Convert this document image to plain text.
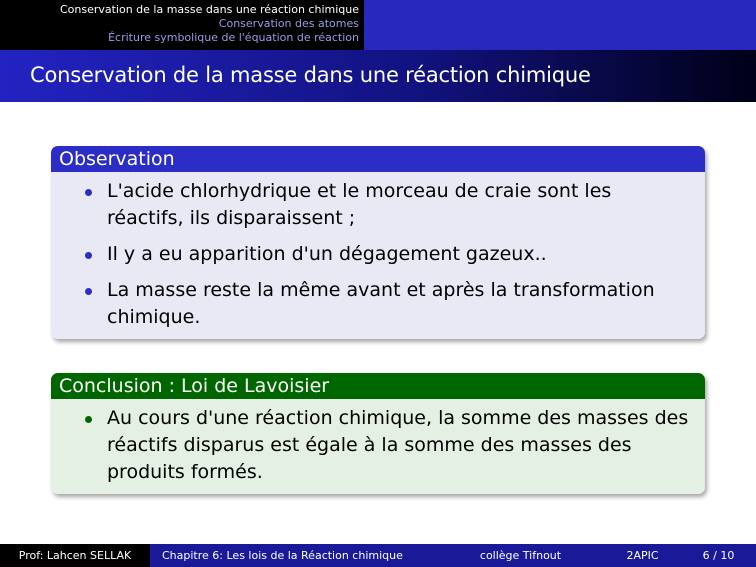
Conservation de la masse dans une réaction chimique
Conservation des atomes
Écriture symbolique de l'équation de réaction
Conservation de la masse dans une réaction chimique
Observation
L'acide chlorhydrique et le morceau de craie sont les réactifs, ils disparaissent ;
Il y a eu apparition d'un dégagement gazeux..
La masse reste la même avant et après la transformation chimique.
Conclusion : Loi de Lavoisier
Au cours d'une réaction chimique, la somme des masses des réactifs disparus est égale à la somme des masses des produits formés.
Prof: Lahcen SELLAK	Chapitre 6: Les lois de la Réaction chimique	collège Tifnout	2APIC	6 / 10
